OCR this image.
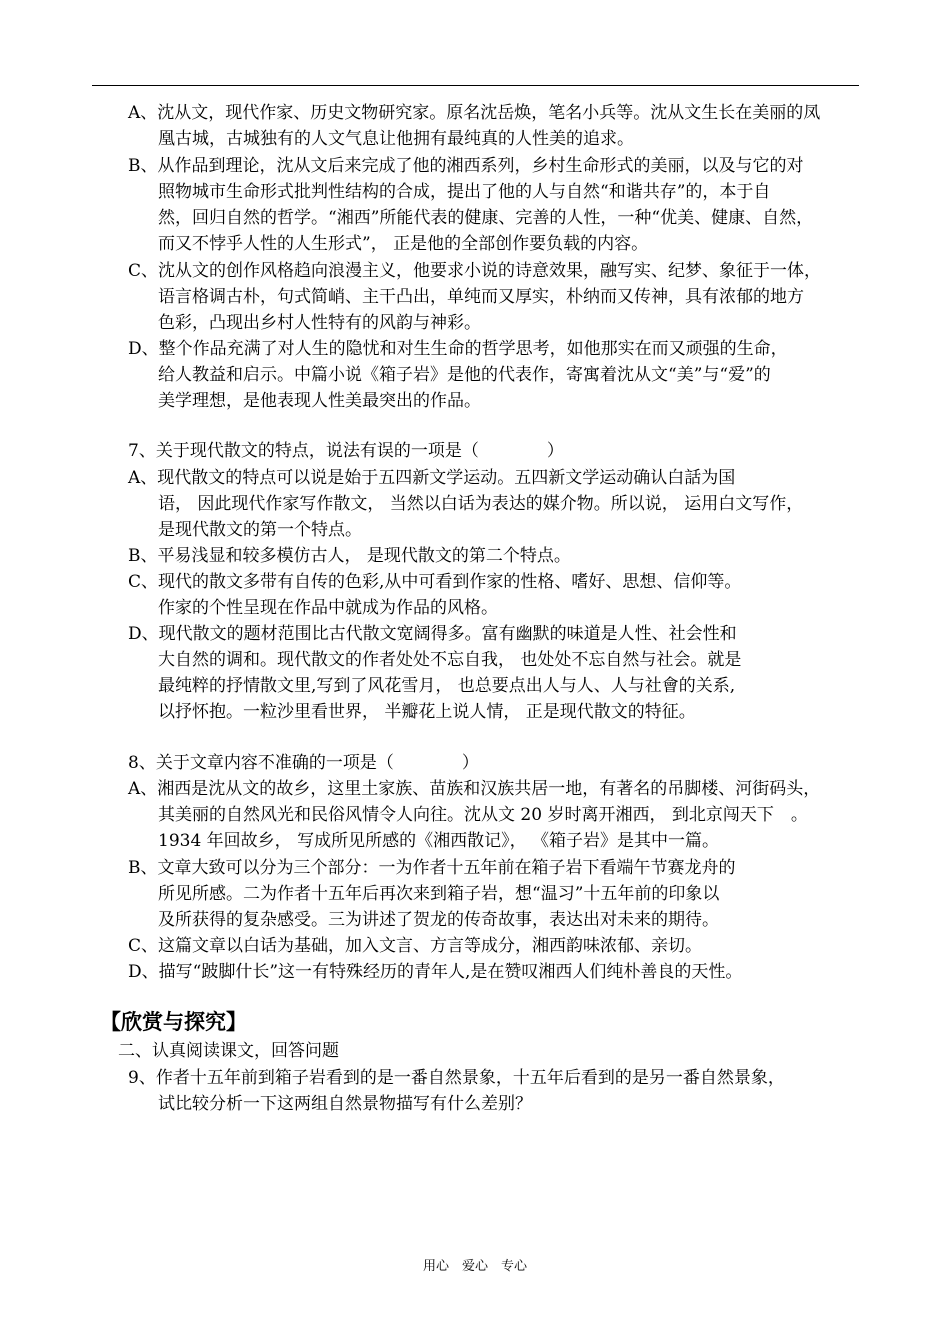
A、沈从文，现代作家、历史文物研究家。原名沈岳焕，笔名小兵等。沈从文生长在美丽的凤
凰古城，古城独有的人文气息让他拥有最纯真的人性美的追求。
B、从作品到理论，沈从文后来完成了他的湘西系列，乡村生命形式的美丽，以及与它的对
照物城市生命形式批判性结构的合成，提出了他的人与自然“和谐共存”的，本于自
然，回归自然的哲学。“湘西”所能代表的健康、完善的人性，一种“优美、健康、自然，
而又不悖乎人性的人生形式”， 正是他的全部创作要负载的内容。
C、沈从文的创作风格趋向浪漫主义，他要求小说的诗意效果，融写实、纪梦、象征于一体，
语言格调古朴，句式简峭、主干凸出，单纯而又厚实，朴纳而又传神，具有浓郁的地方
色彩，凸现出乡村人性特有的风韵与神彩。
D、整个作品充满了对人生的隐忧和对生生命的哲学思考，如他那实在而又顽强的生命，
给人教益和启示。中篇小说《箱子岩》是他的代表作，寄寓着沈从文“美”与“爱”的
美学理想，是他表现人性美最突出的作品。
7、关于现代散文的特点，说法有误的一项是（　　　　）
A、现代散文的特点可以说是始于五四新文学运动。五四新文学运动确认白話为国
语， 因此现代作家写作散文， 当然以白话为表达的媒介物。所以说， 运用白文写作，
是现代散文的第一个特点。
B、平易浅显和较多模仿古人， 是现代散文的第二个特点。
C、现代的散文多带有自传的色彩,从中可看到作家的性格、嗜好、思想、信仰等。
作家的个性呈现在作品中就成为作品的风格。
D、现代散文的题材范围比古代散文宽阔得多。富有幽默的味道是人性、社会性和
大自然的调和。现代散文的作者处处不忘自我， 也处处不忘自然与社会。就是
最纯粹的抒情散文里,写到了风花雪月， 也总要点出人与人、人与社會的关系,
以抒怀抱。一粒沙里看世界， 半瓣花上说人情， 正是现代散文的特征。
8、关于文章内容不准确的一项是（　　　　）
A、湘西是沈从文的故乡，这里土家族、苗族和汉族共居一地，有著名的吊脚楼、河街码头，
其美丽的自然风光和民俗风情令人向往。沈从文 20 岁时离开湘西， 到北京闯天下　。
1934 年回故乡， 写成所见所感的《湘西散记》， 《箱子岩》是其中一篇。
B、文章大致可以分为三个部分：一为作者十五年前在箱子岩下看端午节赛龙舟的
所见所感。二为作者十五年后再次来到箱子岩，想“温习”十五年前的印象以
及所获得的复杂感受。三为讲述了贺龙的传奇故事，表达出对未来的期待。
C、这篇文章以白话为基础，加入文言、方言等成分，湘西韵味浓郁、亲切。
D、描写“跛脚什长”这一有特殊经历的青年人,是在赞叹湘西人们纯朴善良的天性。
【欣赏与探究】
二、认真阅读课文，回答问题
9、作者十五年前到箱子岩看到的是一番自然景象，十五年后看到的是另一番自然景象，
试比较分析一下这两组自然景物描写有什么差别？
用心　爱心　专心
